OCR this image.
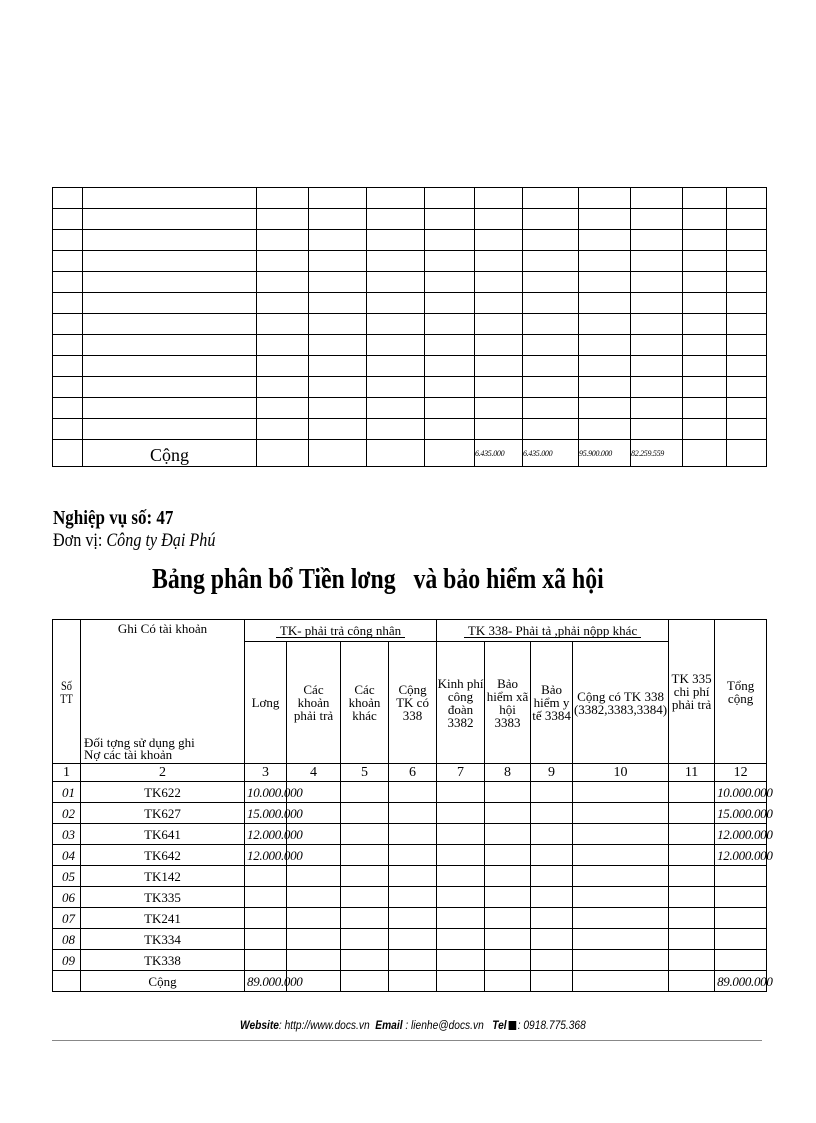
	Cộng					6.435.000	6.435.000	95.900.000	82.259.559		
Nghiệp vụ số: 47
Đơn vị: Công ty Đại Phú
Bảng phân bổ Tiền lơng   và bảo hiểm xã hội
Số TT	Ghi Có tài khoản
Đối tợng sử dụng ghi Nợ các tài khoản	TK- phải trả công nhân				TK 338- Phải tả ,phải nộpp khác				TK 335 chi phí phải trả	Tổng cộng
		Lơng	Các khoản phải trả	Các khoản khác	Cộng TK có 338	Kinh phí công đoàn 3382	Bảo hiểm xã hội 3383	Bảo hiểm y tế 3384	Cộng có TK 338 (3382,3383,3384)		
1	2	3	4	5	6	7	8	9	10	11	12
01	TK622	10.000.000									10.000.000
02	TK627	15.000.000									15.000.000
03	TK641	12.000.000									12.000.000
04	TK642	12.000.000									12.000.000
05	TK142										
06	TK335										
07	TK241										
08	TK334										
09	TK338										
	Cộng	89.000.000									89.000.000
Website: http://www.docs.vn Email : lienhe@docs.vn Tel : 0918.775.368
